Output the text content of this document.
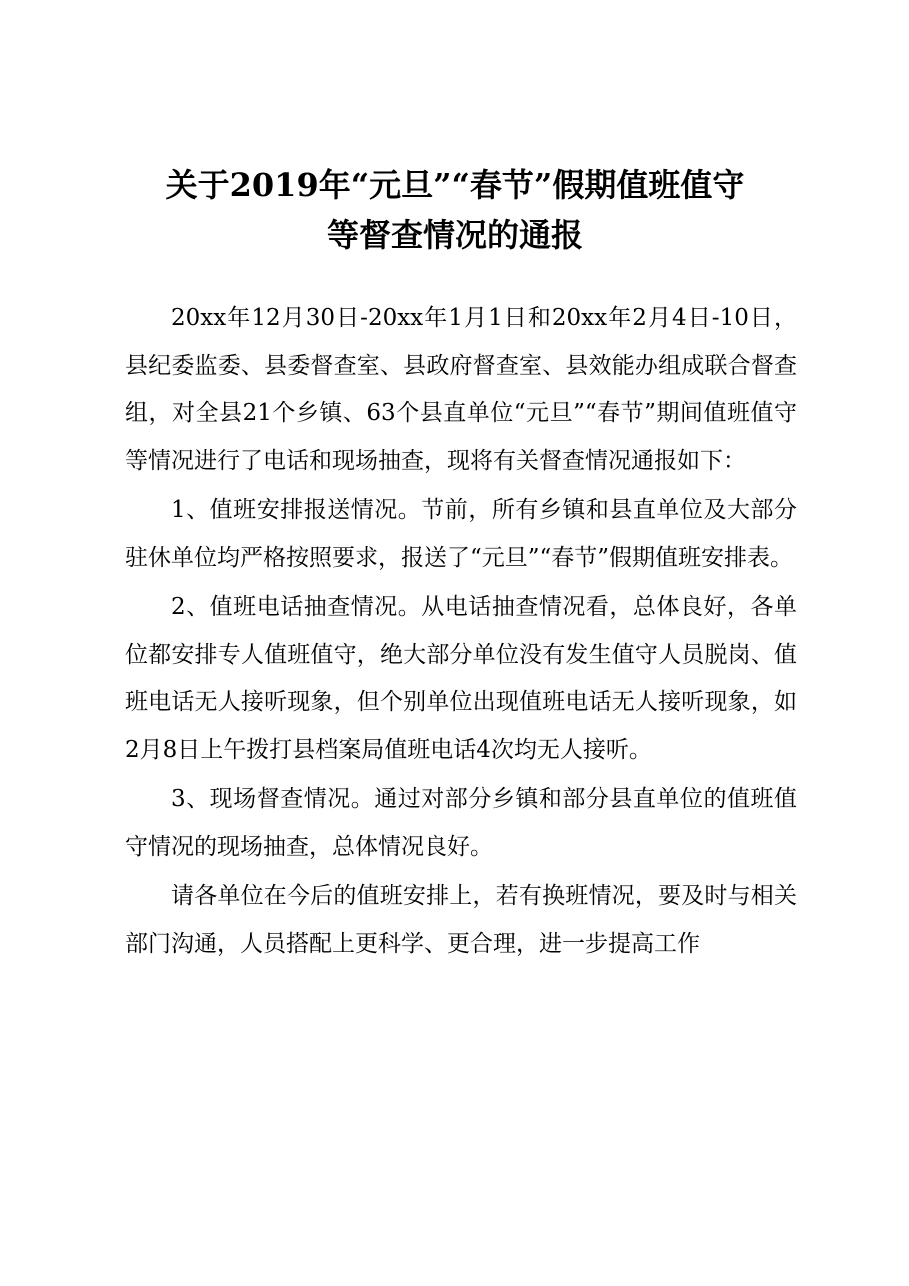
关于2019年“元旦”“春节”假期值班值守
等督查情况的通报

20xx年12月30日-20xx年1月1日和20xx年2月4日-10日，县纪委监委、县委督查室、县政府督查室、县效能办组成联合督查组，对全县21个乡镇、63个县直单位“元旦”“春节”期间值班值守等情况进行了电话和现场抽查，现将有关督查情况通报如下：

1、值班安排报送情况。节前，所有乡镇和县直单位及大部分驻休单位均严格按照要求，报送了“元旦”“春节”假期值班安排表。

2、值班电话抽查情况。从电话抽查情况看，总体良好，各单位都安排专人值班值守，绝大部分单位没有发生值守人员脱岗、值班电话无人接听现象，但个别单位出现值班电话无人接听现象，如2月8日上午拨打县档案局值班电话4次均无人接听。

3、现场督查情况。通过对部分乡镇和部分县直单位的值班值守情况的现场抽查，总体情况良好。

请各单位在今后的值班安排上，若有换班情况，要及时与相关部门沟通，人员搭配上更科学、更合理，进一步提高工作
